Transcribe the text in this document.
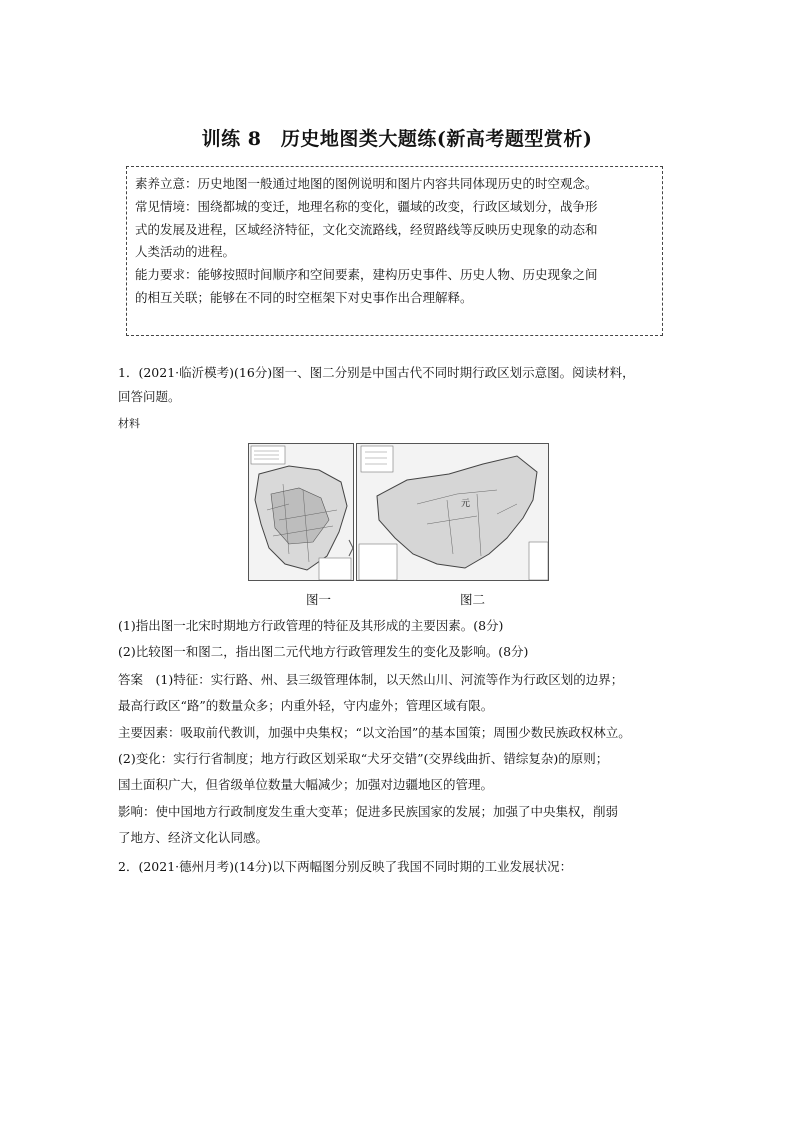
训练 8　历史地图类大题练(新高考题型赏析)

素养立意：历史地图一般通过地图的图例说明和图片内容共同体现历史的时空观念。

常见情境：围绕都城的变迁，地理名称的变化，疆域的改变，行政区域划分，战争形

式的发展及进程，区域经济特征，文化交流路线，经贸路线等反映历史现象的动态和

人类活动的进程。

能力要求：能够按照时间顺序和空间要素，建构历史事件、历史人物、历史现象之间

的相互关联；能够在不同的时空框架下对史事作出合理解释。

1．(2021·临沂模考)(16分)图一、图二分别是中国古代不同时期行政区划示意图。阅读材料，
回答问题。
材料
元
图一	图二
(1)指出图一北宋时期地方行政管理的特征及其形成的主要因素。(8分)
(2)比较图一和图二，指出图二元代地方行政管理发生的变化及影响。(8分)
答案　(1)特征：实行路、州、县三级管理体制，以天然山川、河流等作为行政区划的边界；
最高行政区“路”的数量众多；内重外轻，守内虚外；管理区域有限。
主要因素：吸取前代教训，加强中央集权；“以文治国”的基本国策；周围少数民族政权林立。
(2)变化：实行行省制度；地方行政区划采取“犬牙交错”(交界线曲折、错综复杂)的原则；
国土面积广大，但省级单位数量大幅减少；加强对边疆地区的管理。
影响：使中国地方行政制度发生重大变革；促进多民族国家的发展；加强了中央集权，削弱
了地方、经济文化认同感。
2．(2021·德州月考)(14分)以下两幅图分别反映了我国不同时期的工业发展状况：
